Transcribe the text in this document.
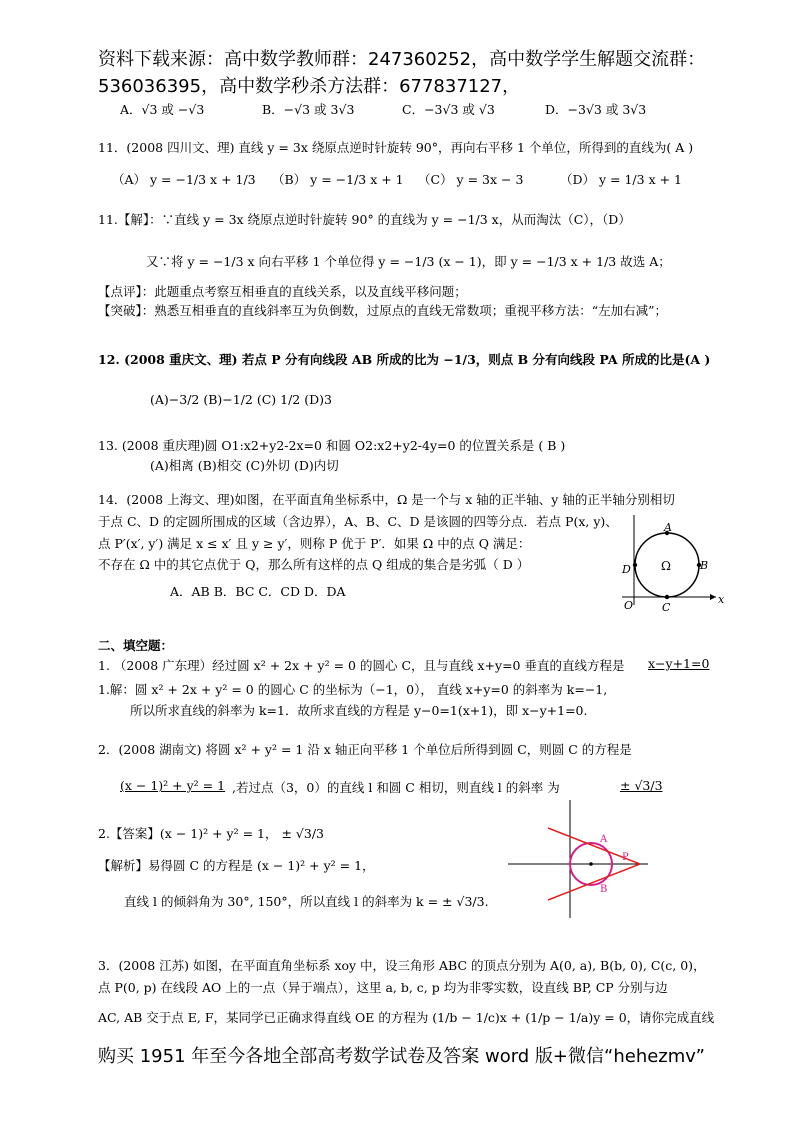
资料下载来源：高中数学教师群：247360252，高中数学学生解题交流群：
536036395，高中数学秒杀方法群：677837127，
A．√3 或 −√3	B．−√3 或 3√3	C．−3√3 或 √3	D．−3√3 或 3√3
11．(2008 四川文、理) 直线 y = 3x 绕原点逆时针旋转 90°，再向右平移 1 个单位，所得到的直线为( A )
（A） y = −1/3 x + 1/3 （B） y = −1/3 x + 1 （C） y = 3x − 3	（D） y = 1/3 x + 1
11.【解】：∵直线 y = 3x 绕原点逆时针旋转 90° 的直线为 y = −1/3 x，从而淘汰（C），（D）
又∵将 y = −1/3 x 向右平移 1 个单位得 y = −1/3 (x − 1)，即 y = −1/3 x + 1/3 故选 A；
【点评】：此题重点考察互相垂直的直线关系，以及直线平移问题；
【突破】：熟悉互相垂直的直线斜率互为负倒数，过原点的直线无常数项；重视平移方法：“左加右减”；
12. (2008 重庆文、理) 若点 P 分有向线段 AB 所成的比为 −1/3，则点 B 分有向线段 PA 所成的比是(A )
(A)−3/2 (B)−1/2 (C) 1/2 (D)3
13. (2008 重庆理)圆 O1:x2+y2-2x=0 和圆 O2:x2+y2-4y=0 的位置关系是 ( B )
(A)相离 (B)相交 (C)外切 (D)内切
14．(2008 上海文、理)如图，在平面直角坐标系中，Ω 是一个与 x 轴的正半轴、y 轴的正半轴分别相切
于点 C、D 的定圆所围成的区域（含边界），A、B、C、D 是该圆的四等分点．若点 P(x, y)、
点 P′(x′, y′) 满足 x ≤ x′ 且 y ≥ y′，则称 P 优于 P′．如果 Ω 中的点 Q 满足：
不存在 Ω 中的其它点优于 Q，那么所有这样的点 Q 组成的集合是劣弧（ D ）
A．AB B．BC C．CD D．DA
A
B
C
D
O	x
Ω
二、填空题：
1. （2008 广东理）经过圆 x² + 2x + y² = 0 的圆心 C，且与直线 x+y=0 垂直的直线方程是 x−y+1=0
1.解：圆 x² + 2x + y² = 0 的圆心 C 的坐标为（−1，0）， 直线 x+y=0 的斜率为 k=−1,
所以所求直线的斜率为 k=1．故所求直线的方程是 y−0=1(x+1)，即 x−y+1=0.
2．(2008 湖南文) 将圆 x² + y² = 1 沿 x 轴正向平移 1 个单位后所得到圆 C，则圆 C 的方程是
(x − 1)² + y² = 1 ,若过点（3，0）的直线 l 和圆 C 相切，则直线 l 的斜率 为	± √3/3
2.【答案】(x − 1)² + y² = 1， ± √3/3
【解析】易得圆 C 的方程是 (x − 1)² + y² = 1，
直线 l 的倾斜角为 30°, 150°，所以直线 l 的斜率为 k = ± √3/3.
A
B
P
3．(2008 江苏) 如图，在平面直角坐标系 xoy 中，设三角形 ABC 的顶点分别为 A(0, a), B(b, 0), C(c, 0)，
点 P(0, p) 在线段 AO 上的一点（异于端点），这里 a, b, c, p 均为非零实数，设直线 BP, CP 分别与边
AC, AB 交于点 E, F，某同学已正确求得直线 OE 的方程为 (1/b − 1/c)x + (1/p − 1/a)y = 0，请你完成直线
购买 1951 年至今各地全部高考数学试卷及答案 word 版+微信“hehezmv”
